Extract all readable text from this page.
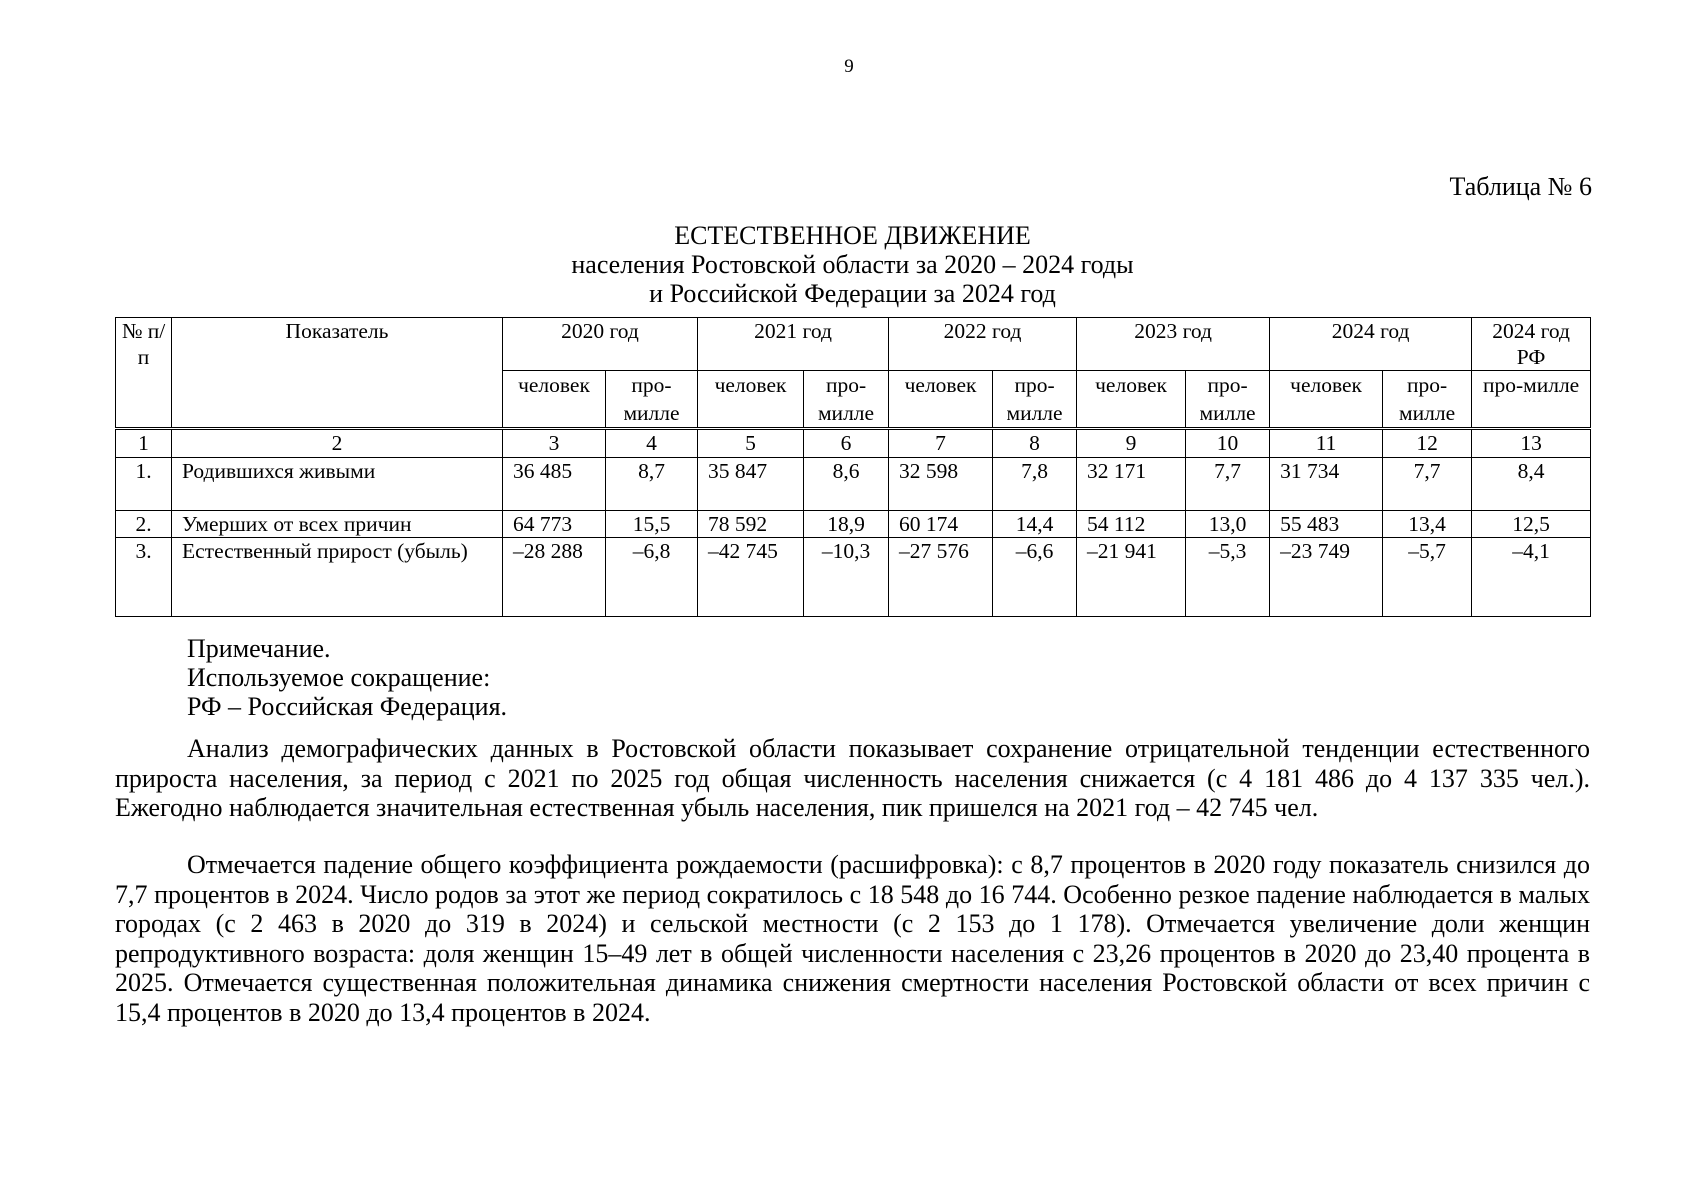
9
Таблица № 6
ЕСТЕСТВЕННОЕ ДВИЖЕНИЕ
населения Ростовской области за 2020 – 2024 годы
и Российской Федерации за 2024 год
№ п/п	Показатель	2020 год		2021 год		2022 год		2023 год		2024 год		2024 год РФ
		человек	про-милле	человек	про-милле	человек	про-милле	человек	про-милле	человек	про-милле	про-милле
1	2	3	4	5	6	7	8	9	10	11	12	13
1.	Родившихся живыми	36 485	8,7	35 847	8,6	32 598	7,8	32 171	7,7	31 734	7,7	8,4
2.	Умерших от всех причин	64 773	15,5	78 592	18,9	60 174	14,4	54 112	13,0	55 483	13,4	12,5
3.	Естественный прирост (убыль)	–28 288	–6,8	–42 745	–10,3	–27 576	–6,6	–21 941	–5,3	–23 749	–5,7	–4,1
Примечание.
Используемое сокращение:
РФ – Российская Федерация.

Анализ демографических данных в Ростовской области показывает сохранение отрицательной тенденции естественного прироста населения, за период с 2021 по 2025 год общая численность населения снижается (с 4 181 486 до 4 137 335 чел.). Ежегодно наблюдается значительная естественная убыль населения, пик пришелся на 2021 год – 42 745 чел.

Отмечается падение общего коэффициента рождаемости (расшифровка): с 8,7 процентов в 2020 году показатель снизился до 7,7 процентов в 2024. Число родов за этот же период сократилось с 18 548 до 16 744. Особенно резкое падение наблюдается в малых городах (с 2 463 в 2020 до 319 в 2024) и сельской местности (с 2 153 до 1 178). Отмечается увеличение доли женщин репродуктивного возраста: доля женщин 15–49 лет в общей численности населения с 23,26 процентов в 2020 до 23,40 процента в 2025. Отмечается существенная положительная динамика снижения смертности населения Ростовской области от всех причин с 15,4 процентов в 2020 до 13,4 процентов в 2024.
